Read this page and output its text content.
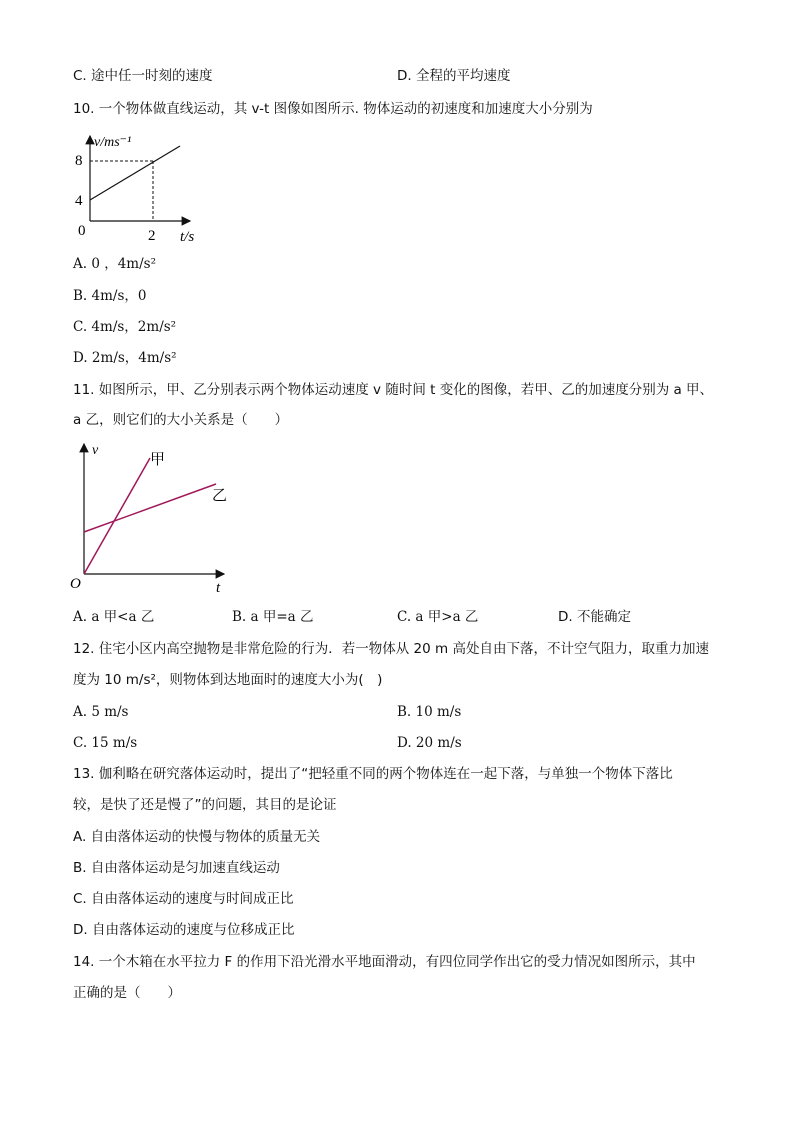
C. 途中任一时刻的速度	D. 全程的平均速度
10. 一个物体做直线运动，其 v-t 图像如图所示. 物体运动的初速度和加速度大小分别为
v/ms⁻¹
8
4
0	2 t/s
A. 0 ，4m/s²
B. 4m/s，0
C. 4m/s，2m/s²
D. 2m/s，4m/s²
11. 如图所示，甲、乙分别表示两个物体运动速度 v 随时间 t 变化的图像，若甲、乙的加速度分别为 a 甲、
a 乙，则它们的大小关系是（　　）
v
甲
乙
O	t
A. a 甲<a 乙	B. a 甲=a 乙	C. a 甲>a 乙	D. 不能确定
12. 住宅小区内高空抛物是非常危险的行为．若一物体从 20 m 高处自由下落，不计空气阻力，取重力加速
度为 10 m/s²，则物体到达地面时的速度大小为(　)
A. 5 m/s	B. 10 m/s
C. 15 m/s	D. 20 m/s
13. 伽利略在研究落体运动时，提出了“把轻重不同的两个物体连在一起下落，与单独一个物体下落比
较，是快了还是慢了”的问题，其目的是论证
A. 自由落体运动的快慢与物体的质量无关
B. 自由落体运动是匀加速直线运动
C. 自由落体运动的速度与时间成正比
D. 自由落体运动的速度与位移成正比
14. 一个木箱在水平拉力 F 的作用下沿光滑水平地面滑动，有四位同学作出它的受力情况如图所示，其中
正确的是（　　）
